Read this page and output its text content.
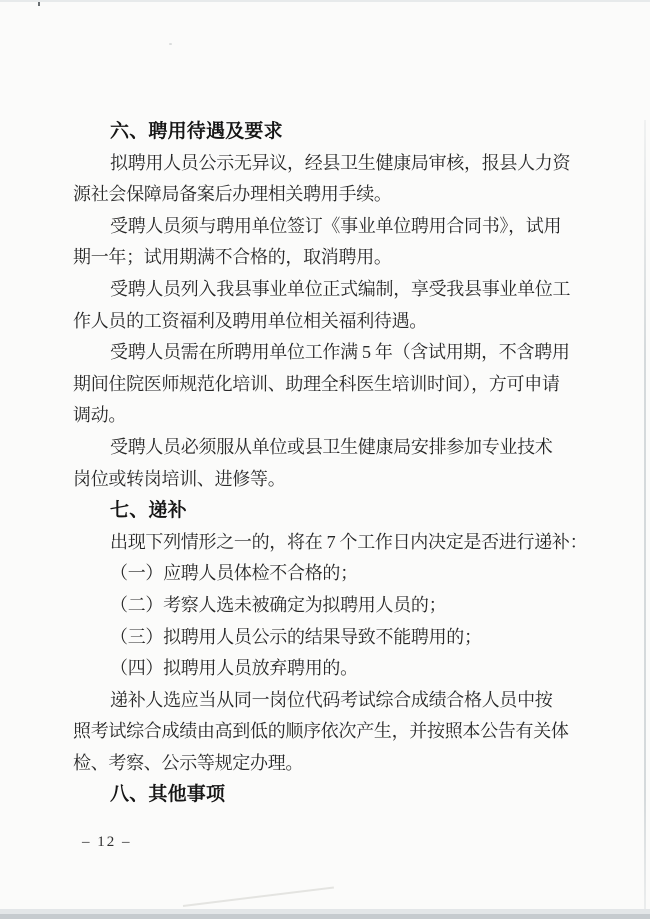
六、聘用待遇及要求
拟聘用人员公示无异议，经县卫生健康局审核，报县人力资
源社会保障局备案后办理相关聘用手续。
受聘人员须与聘用单位签订《事业单位聘用合同书》，试用
期一年；试用期满不合格的，取消聘用。
受聘人员列入我县事业单位正式编制，享受我县事业单位工
作人员的工资福利及聘用单位相关福利待遇。
受聘人员需在所聘用单位工作满 5 年（含试用期，不含聘用
期间住院医师规范化培训、助理全科医生培训时间），方可申请
调动。
受聘人员必须服从单位或县卫生健康局安排参加专业技术
岗位或转岗培训、进修等。
七、递补
出现下列情形之一的，将在 7 个工作日内决定是否进行递补：
（一）应聘人员体检不合格的；
（二）考察人选未被确定为拟聘用人员的；
（三）拟聘用人员公示的结果导致不能聘用的；
（四）拟聘用人员放弃聘用的。
递补人选应当从同一岗位代码考试综合成绩合格人员中按
照考试综合成绩由高到低的顺序依次产生，并按照本公告有关体
检、考察、公示等规定办理。
八、其他事项
– 12 –
